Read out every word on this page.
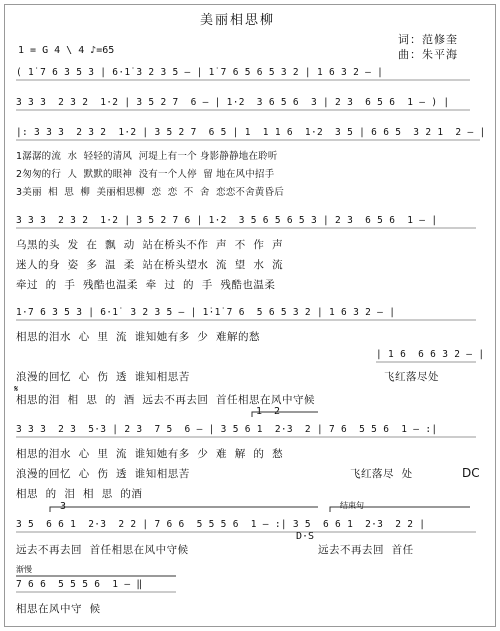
美丽相思柳
词：范修奎
曲：朱平海
1 = G 4 \ 4 ♪=65
( 1̇ 7 6 3 5 3 | 6·1̇ 3 2 3 5 — | 1̇ 7 6 5 6 5 3 2 | 1 6 3 2 — |
3 3 3  2 3 2  1·2 | 3 5 2 7  6 — | 1·2  3 6 5 6  3 | 2 3  6 5 6  1 — ) |
|: 3 3 3  2 3 2  1·2 | 3 5 2 7  6 5 | 1  1 1 6  1·2  3 5 | 6 6 5  3 2 1  2 — |
1潺潺的流  水  轻轻的清风  河堤上有一个 身影静静地在聆听
2匆匆的行  人  默默的眼神  没有一个人停  留 地在风中招手
3美丽  相  思  柳  美丽相思柳  恋  恋  不  舍  恋恋不舍黄昏后
3 3 3  2 3 2  1·2 | 3 5 2 7 6 | 1·2  3 5 6 5 6 5 3 | 2 3  6 5 6  1 — |
乌黑的头  发  在  飘  动  站在桥头不作  声  不  作  声
迷人的身  姿  多  温  柔  站在桥头望水  流  望  水  流
牵过  的  手  残酷也温柔  牵  过  的  手  残酷也温柔
1·7 6 3 5 3 | 6·1̇  3 2 3 5 — | 1̇·1̇ 7 6  5 6 5 3 2 | 1 6 3 2 — |
相思的泪水  心  里  流  谁知她有多  少  难解的愁
| 1 6  6 6 3 2 — |
浪漫的回忆  心  伤  透  谁知相思苦	飞红落尽处
𝄋
相思的泪  相  思  的  酒  远去不再去回  首任相思在风中守候
1  2
3 3 3  2 3  5·3 | 2 3  7 5  6 — | 3 5 6 1  2·3  2 | 7 6  5 5 6  1 — :|
相思的泪水  心  里  流  谁知她有多  少  难  解  的  愁
浪漫的回忆  心  伤  透  谁知相思苦	飞红落尽  处	DC
相思  的  泪  相  思  的酒
3	结束句
3 5  6 6 1  2·3  2 2 | 7 6 6  5 5 5 6  1 — :| 3 5  6 6 1  2·3  2 2 |
D·S
远去不再去回  首任相思在风中守候	远去不再去回  首任
渐慢
7 6 6  5 5 5 6  1 — ‖
相思在风中守  候
